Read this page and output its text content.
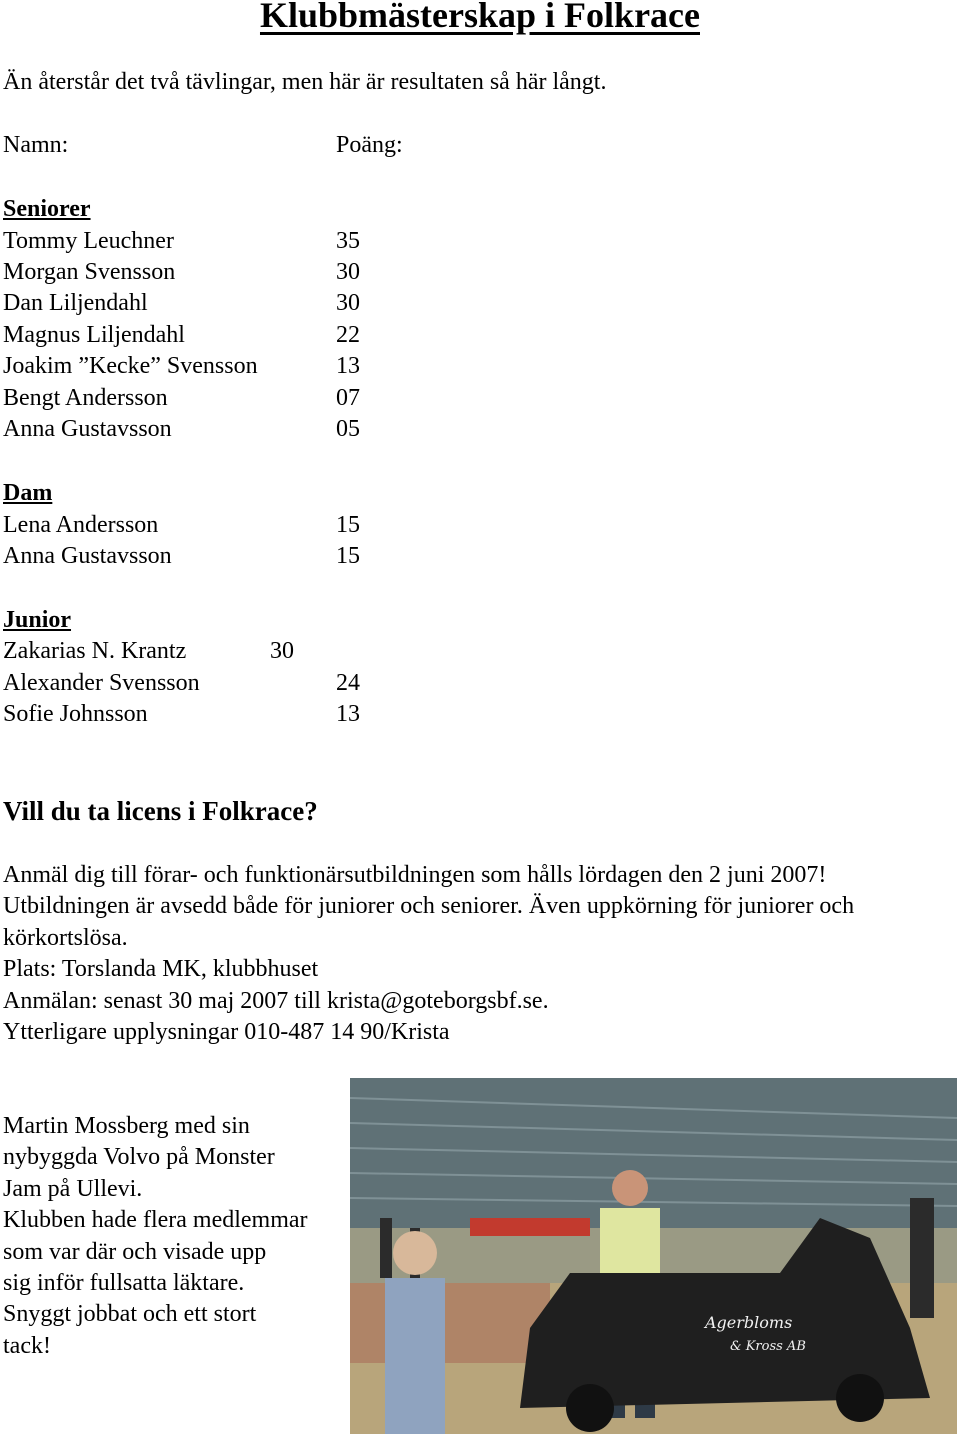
Klubbmästerskap i Folkrace
Än återstår det två tävlingar, men här är resultaten så här långt.
Namn:	Poäng:
Seniorer
Tommy Leuchner	35
Morgan Svensson	30
Dan Liljendahl	30
Magnus Liljendahl	22
Joakim ”Kecke” Svensson	13
Bengt Andersson	07
Anna Gustavsson	05
Dam
Lena Andersson	15
Anna Gustavsson	15
Junior
Zakarias N. Krantz	30
Alexander Svensson	24
Sofie Johnsson	13
Vill du ta licens i Folkrace?
Anmäl dig till förar- och funktionärsutbildningen som hålls lördagen den 2 juni 2007!
Utbildningen är avsedd både för juniorer och seniorer. Även uppkörning för juniorer och
körkortslösa.
Plats: Torslanda MK, klubbhuset
Anmälan: senast 30 maj 2007 till krista@goteborgsbf.se.
Ytterligare upplysningar 010-487 14 90/Krista
Martin Mossberg med sin
nybyggda Volvo på Monster
Jam på Ullevi.
Klubben hade flera medlemmar
som var där och visade upp
sig inför fullsatta läktare.
Snyggt jobbat och ett stort
tack!
Agerbloms
& Kross AB
